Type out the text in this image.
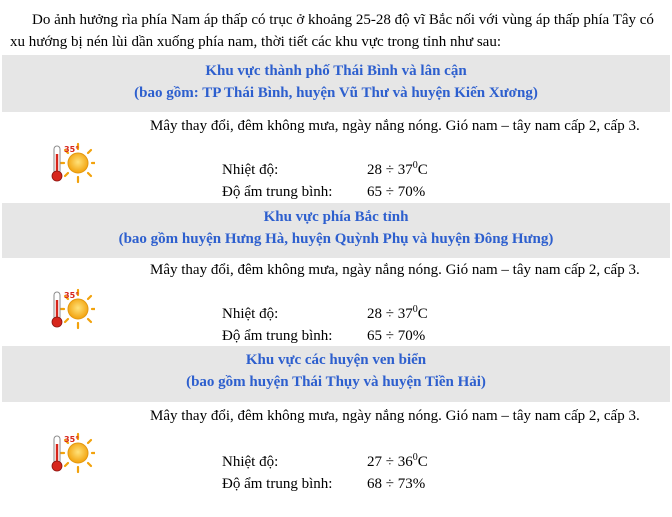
Do ảnh hưởng rìa phía Nam áp thấp có trục ở khoảng 25-28 độ vĩ Bắc nối với vùng áp thấp phía Tây có xu hướng bị nén lùi dần xuống phía nam, thời tiết các khu vực trong tỉnh như sau:
Khu vực thành phố Thái Bình và lân cận
(bao gồm: TP Thái Bình, huyện Vũ Thư và huyện Kiến Xương)
35°
Mây thay đổi, đêm không mưa, ngày nắng nóng. Gió nam – tây nam cấp 2, cấp 3.
Nhiệt độ:	$28 \div 37^0C$
Độ ẩm trung bình: 65 ÷ 70%
Khu vực phía Bắc tỉnh
(bao gồm huyện Hưng Hà, huyện Quỳnh Phụ và huyện Đông Hưng)
35°
Mây thay đổi, đêm không mưa, ngày nắng nóng. Gió nam – tây nam cấp 2, cấp 3.
Nhiệt độ:	$28 \div 37^0C$
Độ ẩm trung bình: 65 ÷ 70%
Khu vực các huyện ven biển
(bao gồm huyện Thái Thụy và huyện Tiền Hải)
35°
Mây thay đổi, đêm không mưa, ngày nắng nóng. Gió nam – tây nam cấp 2, cấp 3.
Nhiệt độ:	$27 \div 36^0C$
Độ ẩm trung bình: 68 ÷ 73%
